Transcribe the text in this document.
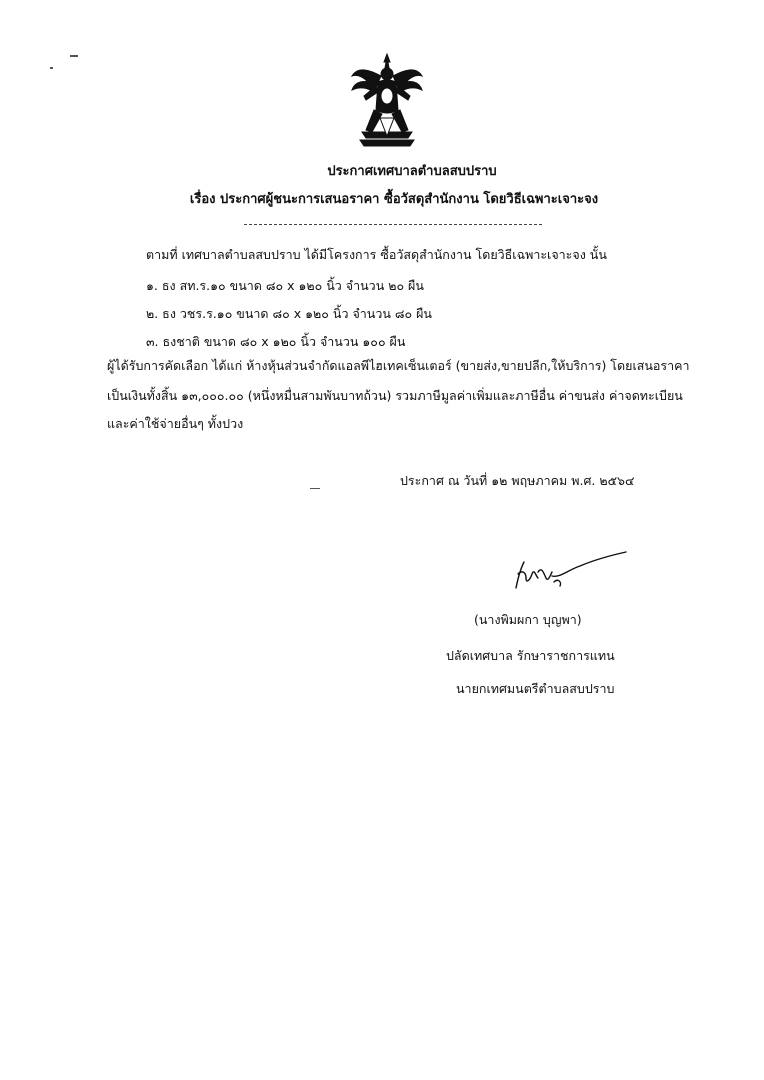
ประกาศเทศบาลตำบลสบปราบ
เรื่อง ประกาศผู้ชนะการเสนอราคา ซื้อวัสดุสำนักงาน โดยวิธีเฉพาะเจาะจง
ตามที่ เทศบาลตำบลสบปราบ ได้มีโครงการ ซื้อวัสดุสำนักงาน โดยวิธีเฉพาะเจาะจง นั้น
๑. ธง สท.ร.๑๐ ขนาด ๘๐ x ๑๒๐ นิ้ว จำนวน ๒๐ ผืน
๒. ธง วชร.ร.๑๐ ขนาด ๘๐ x ๑๒๐ นิ้ว จำนวน ๘๐ ผืน
๓. ธงชาติ ขนาด ๘๐ x ๑๒๐ นิ้ว จำนวน ๑๐๐ ผืน
ผู้ได้รับการคัดเลือก ได้แก่ ห้างหุ้นส่วนจำกัดแอลพีไฮเทคเซ็นเตอร์ (ขายส่ง,ขายปลีก,ให้บริการ) โดยเสนอราคา
เป็นเงินทั้งสิ้น ๑๓,๐๐๐.๐๐ (หนึ่งหมื่นสามพันบาทถ้วน) รวมภาษีมูลค่าเพิ่มและภาษีอื่น ค่าขนส่ง ค่าจดทะเบียน
และค่าใช้จ่ายอื่นๆ ทั้งปวง
ประกาศ ณ วันที่ ๑๒ พฤษภาคม พ.ศ. ๒๕๖๔
(นางพิมผกา บุญพา)
ปลัดเทศบาล รักษาราชการแทน
นายกเทศมนตรีตำบลสบปราบ
